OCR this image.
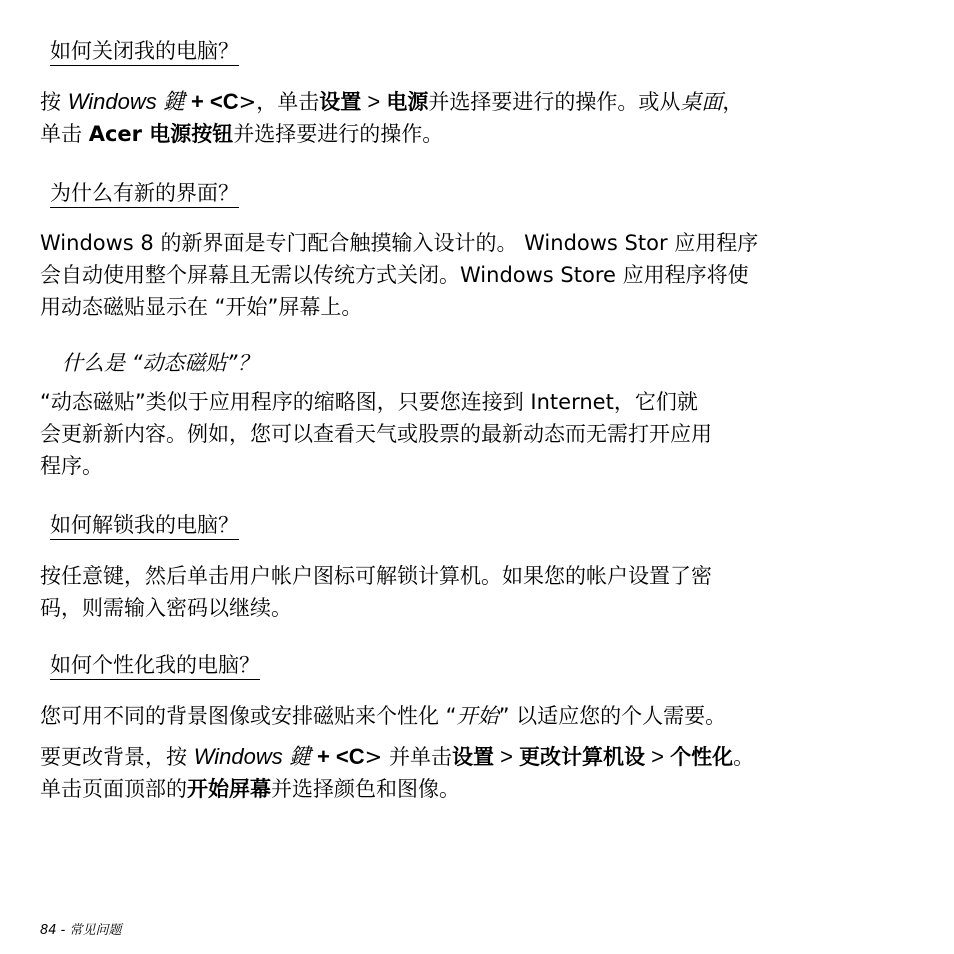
如何关闭我的电脑？
按 Windows 鍵 + <C>，单击设置 > 电源并选择要进行的操作。或从桌面，
单击 Acer 电源按钮并选择要进行的操作。
为什么有新的界面？
Windows 8 的新界面是专门配合触摸输入设计的。 Windows Stor 应用程序
会自动使用整个屏幕且无需以传统方式关闭。Windows Store 应用程序将使
用动态磁贴显示在 “开始”屏幕上。
什么是 “动态磁贴”？
“动态磁贴”类似于应用程序的缩略图，只要您连接到 Internet，它们就
会更新新内容。例如，您可以查看天气或股票的最新动态而无需打开应用
程序。
如何解锁我的电脑？
按任意键，然后单击用户帐户图标可解锁计算机。如果您的帐户设置了密
码，则需输入密码以继续。
如何个性化我的电脑？
您可用不同的背景图像或安排磁贴来个性化 “开始” 以适应您的个人需要。
要更改背景，按 Windows 鍵 + <C> 并单击设置 > 更改计算机设 > 个性化。
单击页面顶部的开始屏幕并选择颜色和图像。
84 - 常见问题
